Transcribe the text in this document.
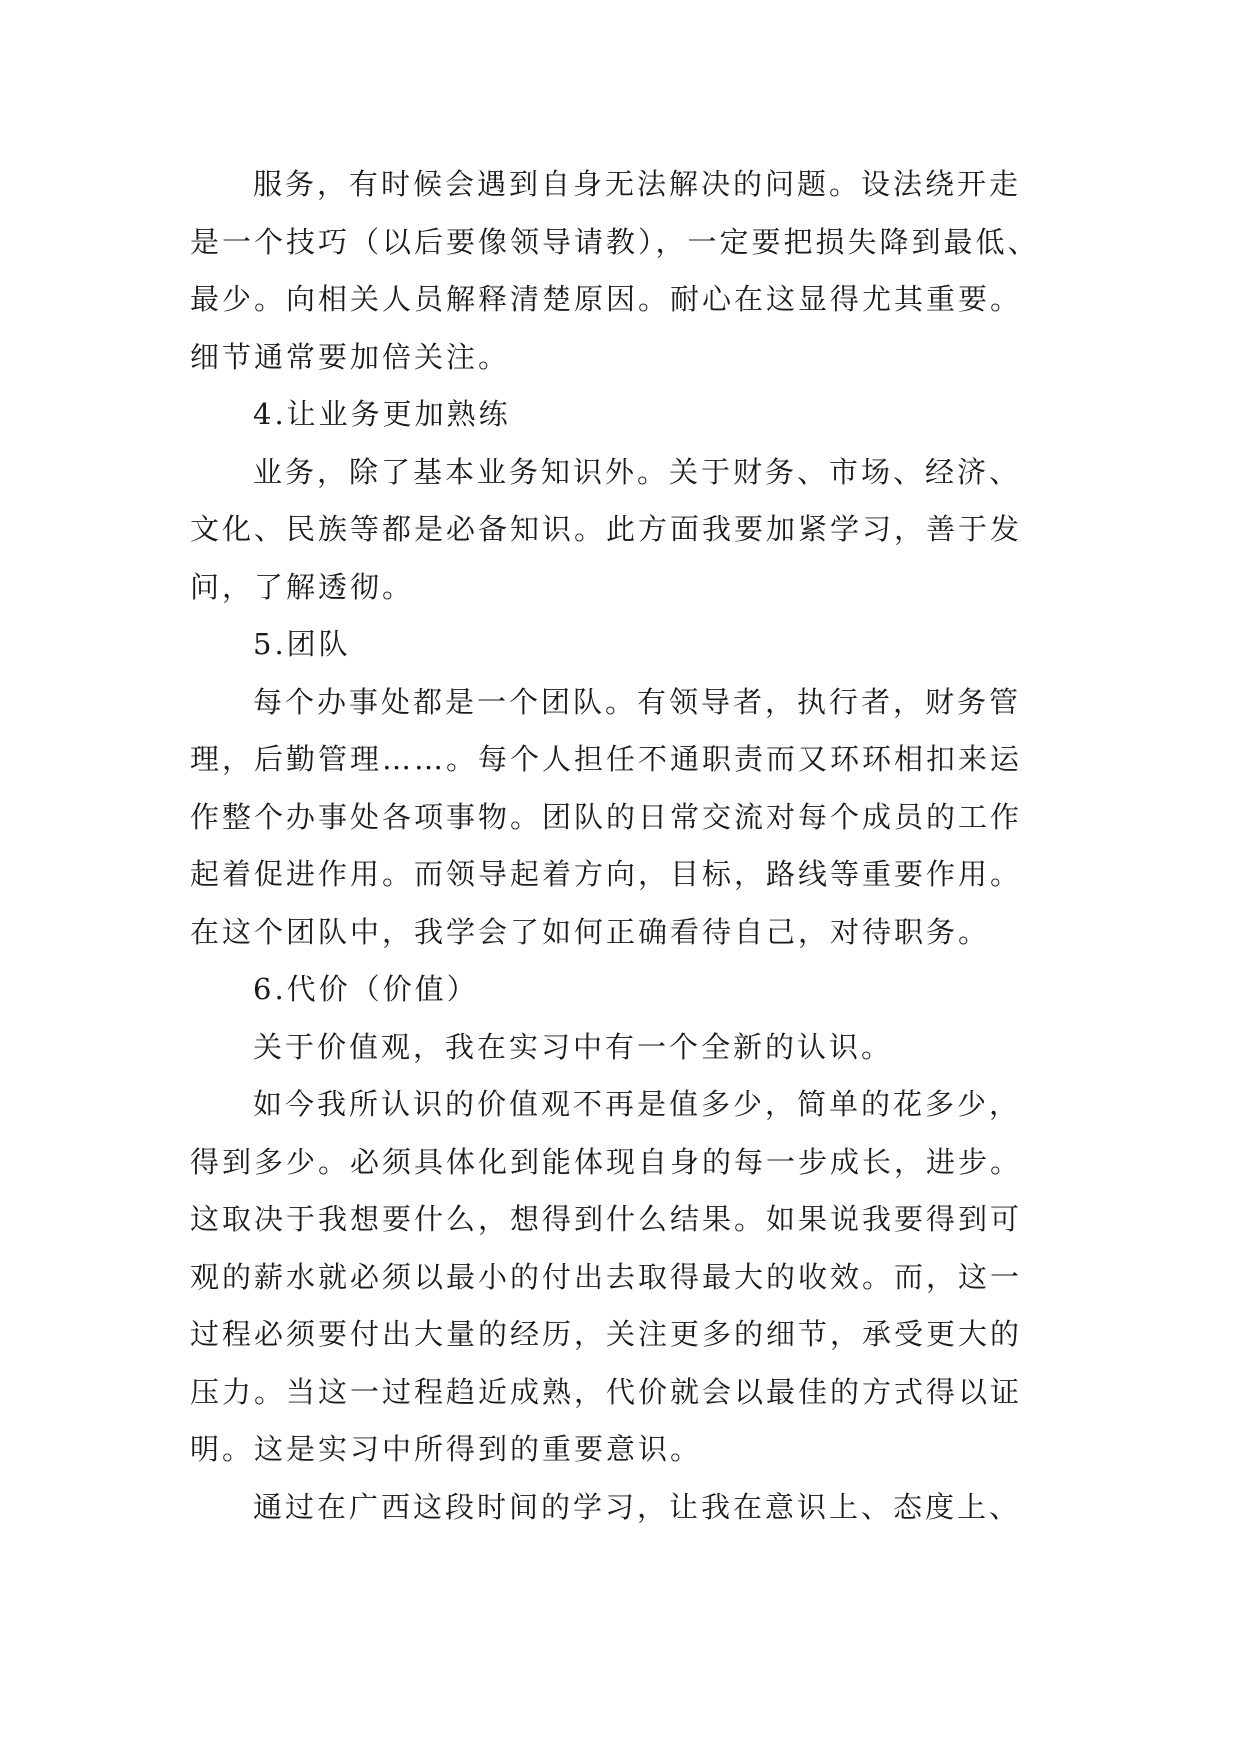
服务，有时候会遇到自身无法解决的问题。设法绕开走
是一个技巧（以后要像领导请教），一定要把损失降到最低、
最少。向相关人员解释清楚原因。耐心在这显得尤其重要。
细节通常要加倍关注。
4.让业务更加熟练
业务，除了基本业务知识外。关于财务、市场、经济、
文化、民族等都是必备知识。此方面我要加紧学习，善于发
问，了解透彻。
5.团队
每个办事处都是一个团队。有领导者，执行者，财务管
理，后勤管理……。每个人担任不通职责而又环环相扣来运
作整个办事处各项事物。团队的日常交流对每个成员的工作
起着促进作用。而领导起着方向，目标，路线等重要作用。
在这个团队中，我学会了如何正确看待自己，对待职务。
6.代价（价值）
关于价值观，我在实习中有一个全新的认识。
如今我所认识的价值观不再是值多少，简单的花多少，
得到多少。必须具体化到能体现自身的每一步成长，进步。
这取决于我想要什么，想得到什么结果。如果说我要得到可
观的薪水就必须以最小的付出去取得最大的收效。而，这一
过程必须要付出大量的经历，关注更多的细节，承受更大的
压力。当这一过程趋近成熟，代价就会以最佳的方式得以证
明。这是实习中所得到的重要意识。
通过在广西这段时间的学习，让我在意识上、态度上、
